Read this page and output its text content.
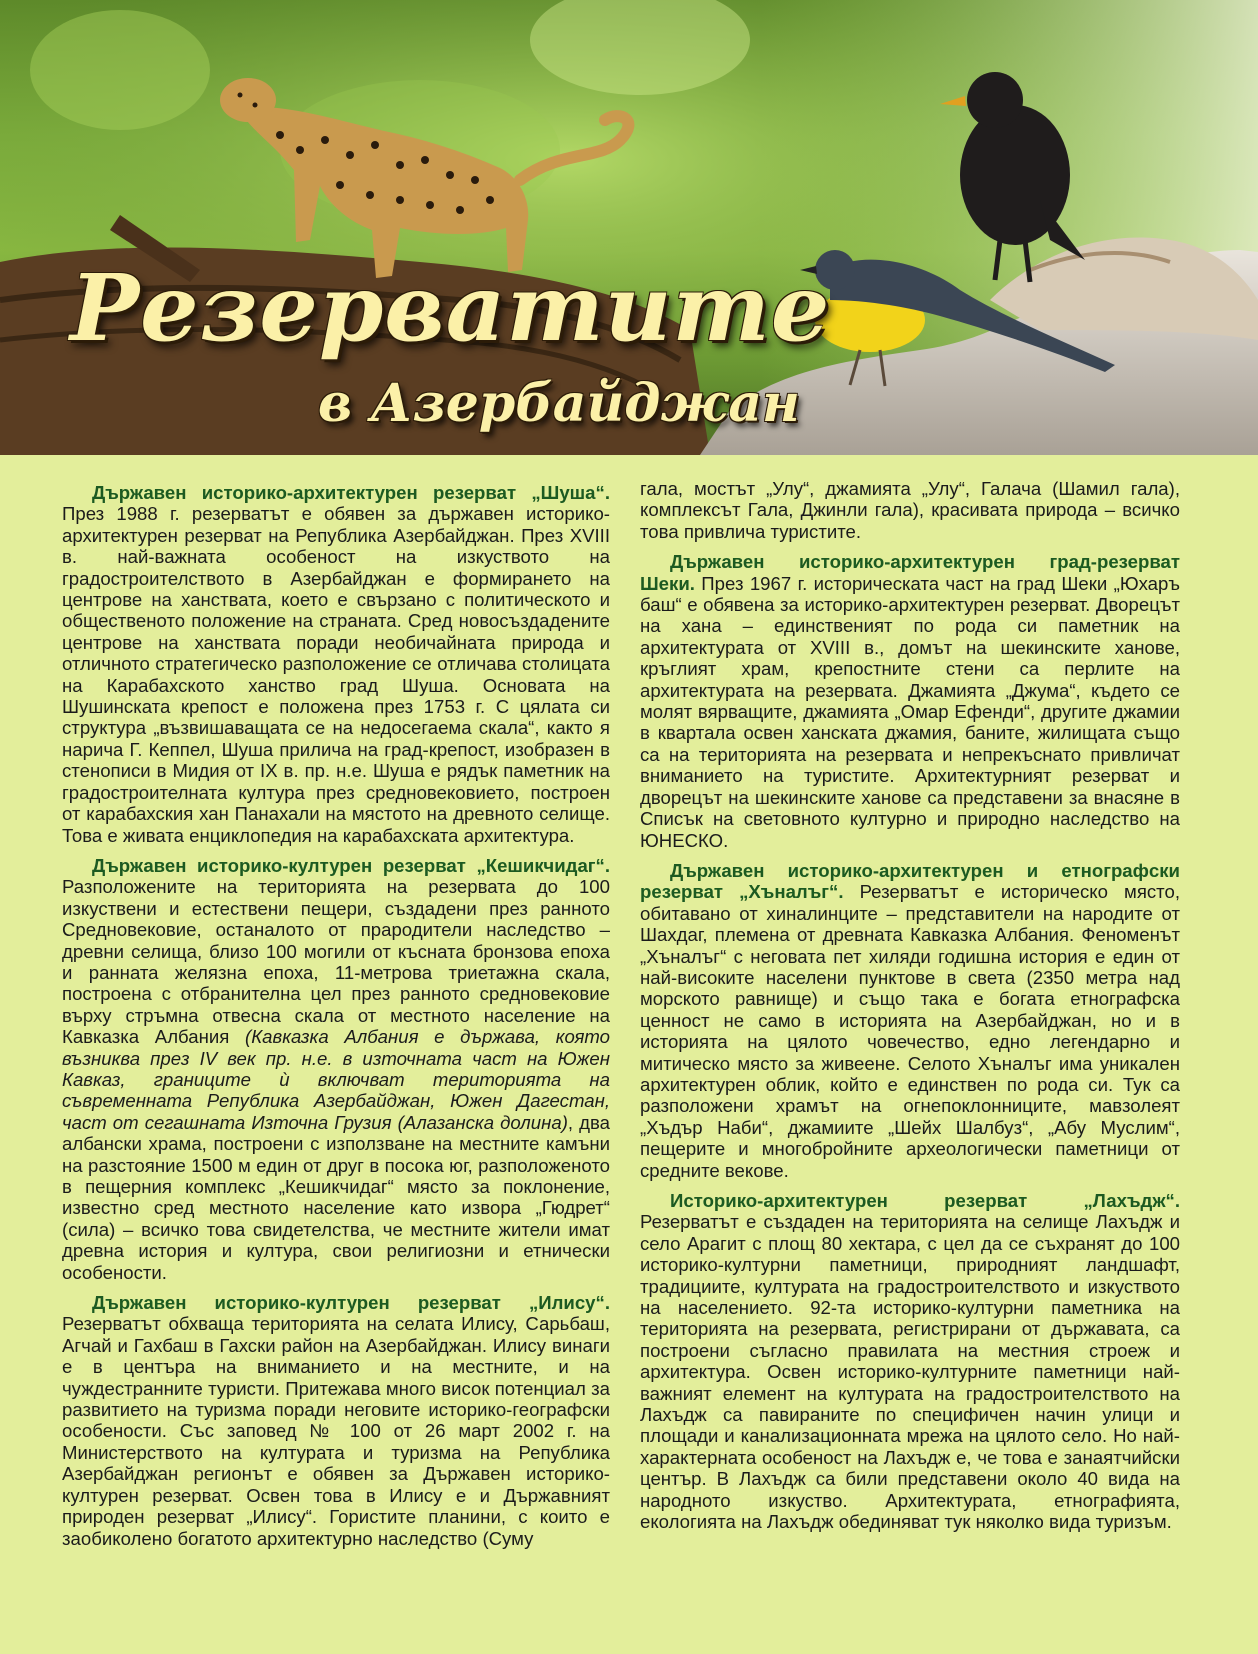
Резерватите
в Азербайджан

Държавен историко-архитектурен резерват „Шуша“. През 1988 г. резерватът е обявен за държавен историко-архитектурен резерват на Република Азербайджан. През XVIII в. най-важната особеност на изкуството на градостроителството в Азербайджан е формирането на центрове на ханствата, което е свързано с политическото и общественото положение на страната. Сред новосъздадените центрове на ханствата поради необичайната природа и отличното стратегическо разположение се отличава столицата на Карабахското ханство град Шуша. Основата на Шушинската крепост е положена през 1753 г. С цялата си структура „възвишаващата се на недосегаема скала“, както я нарича Г. Кеппел, Шуша прилича на град-крепост, изобразен в стенописи в Мидия от IX в. пр. н.е. Шуша е рядък паметник на градостроителната култура през средновековието, построен от карабахския хан Панахали на мястото на древното селище. Това е живата енциклопедия на карабахската архитектура.

Държавен историко-културен резерват „Кешикчидаг“. Разположените на територията на резервата до 100 изкуствени и естествени пещери, създадени през ранното Средновековие, останалото от прародители наследство – древни селища, близо 100 могили от късната бронзова епоха и ранната желязна епоха, 11-метрова триетажна скала, построена с отбранителна цел през ранното средновековие върху стръмна отвесна скала от местното население на Кавказка Албания (Кавказка Албания е държава, която възниква през IV век пр. н.е. в източната част на Южен Кавказ, границите ѝ включват територията на съвременната Република Азербайджан, Южен Дагестан, част от сегашната Източна Грузия (Алазанска долина), два албански храма, построени с използване на местните камъни на разстояние 1500 м един от друг в посока юг, разположеното в пещерния комплекс „Кешикчидаг“ място за поклонение, известно сред местното население като извора „Гюдрет“ (сила) – всичко това свидетелства, че местните жители имат древна история и култура, свои религиозни и етнически особености.

Държавен историко-културен резерват „Илису“. Резерватът обхваща територията на селата Илису, Сарьбаш, Агчай и Гахбаш в Гахски район на Азербайджан. Илису винаги е в центъра на вниманието и на местните, и на чуждестранните туристи. Притежава много висок потенциал за развитието на туризма поради неговите историко-географски особености. Със заповед № 100 от 26 март 2002 г. на Министерството на културата и туризма на Република Азербайджан регионът е обявен за Държавен историко-културен резерват. Освен това в Илису е и Държавният природен резерват „Илису“. Гористите планини, с които е заобиколено богатото архитектурно наследство (Суму

гала, мостът „Улу“, джамията „Улу“, Галача (Шамил гала), комплексът Гала, Джинли гала), красивата природа – всичко това привлича туристите.

Държавен историко-архитектурен град-резерват Шеки. През 1967 г. историческата част на град Шеки „Юхаръ баш“ е обявена за историко-архитектурен резерват. Дворецът на хана – единственият по рода си паметник на архитектурата от XVIII в., домът на шекинските ханове, кръглият храм, крепостните стени са перлите на архитектурата на резервата. Джамията „Джума“, където се молят вярващите, джамията „Омар Ефенди“, другите джамии в квартала освен ханската джамия, баните, жилищата също са на територията на резервата и непрекъснато привличат вниманието на туристите. Архитектурният резерват и дворецът на шекинските ханове са представени за внасяне в Списък на световното културно и природно наследство на ЮНЕСКО.

Държавен историко-архитектурен и етнографски резерват „Хъналъг“. Резерватът е историческо място, обитавано от хиналинците – представители на народите от Шахдаг, племена от древната Кавказка Албания. Феноменът „Хъналъг“ с неговата пет хиляди годишна история е един от най-високите населени пунктове в света (2350 метра над морското равнище) и също така е богата етнографска ценност не само в историята на Азербайджан, но и в историята на цялото човечество, едно легендарно и митическо място за живеене. Селото Хъналъг има уникален архитектурен облик, който е единствен по рода си. Тук са разположени храмът на огнепоклонниците, мавзолеят „Хъдър Наби“, джамиите „Шейх Шалбуз“, „Абу Муслим“, пещерите и многобройните археологически паметници от средните векове.

Историко-архитектурен резерват „Лахъдж“. Резерватът е създаден на територията на селище Лахъдж и село Арагит с площ 80 хектара, с цел да се съхранят до 100 историко-културни паметници, природният ландшафт, традициите, културата на градостроителството и изкуството на населението. 92-та историко-културни паметника на територията на резервата, регистрирани от държавата, са построени съгласно правилата на местния строеж и архитектура. Освен историко-културните паметници най-важният елемент на културата на градостроителството на Лахъдж са павираните по специфичен начин улици и площади и канализационната мрежа на цялото село. Но най-характерната особеност на Лахъдж е, че това е занаятчийски център. В Лахъдж са били представени около 40 вида на народното изкуство. Архитектурата, етнографията, екологията на Лахъдж обединяват тук няколко вида туризъм.
